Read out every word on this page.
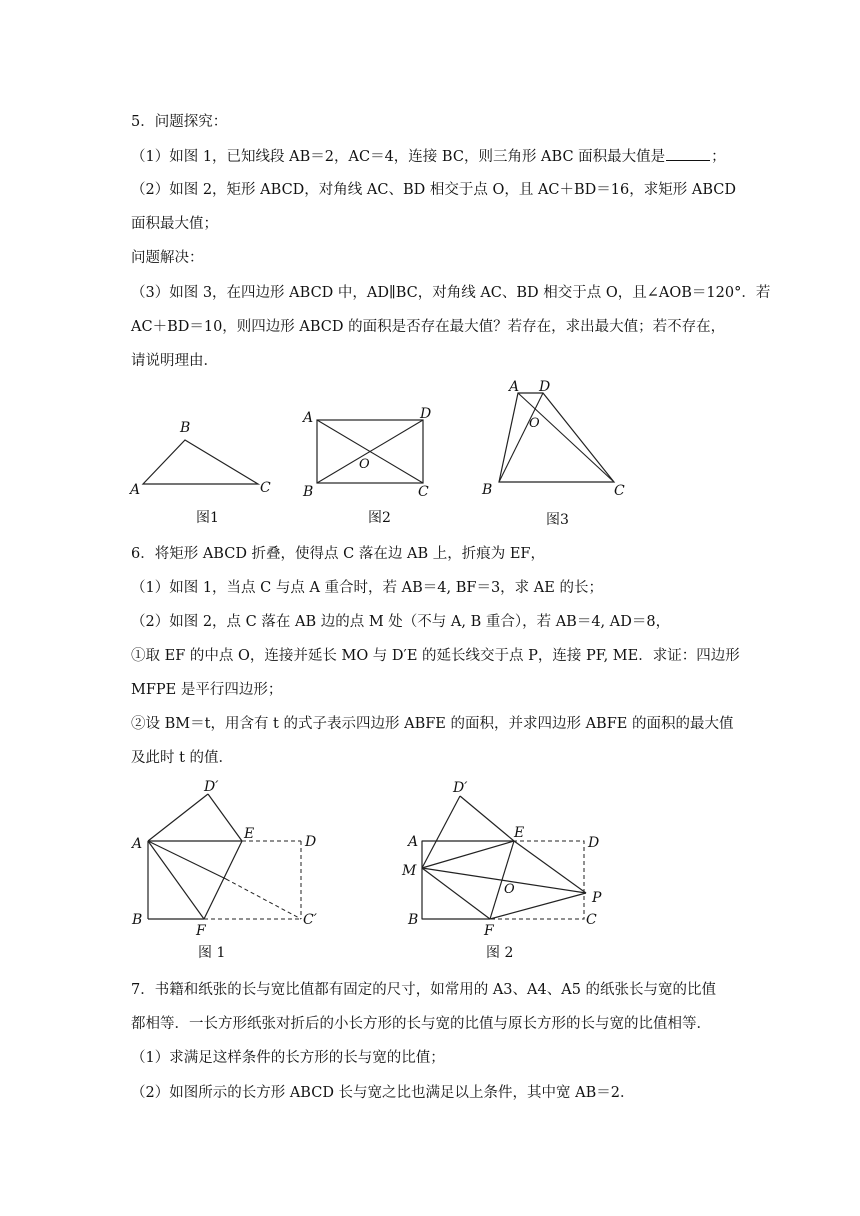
5．问题探究：
（1）如图 1，已知线段 AB＝2，AC＝4，连接 BC，则三角形 ABC 面积最大值是	；
（2）如图 2，矩形 ABCD，对角线 AC、BD 相交于点 O，且 AC＋BD＝16，求矩形 ABCD
面积最大值；
问题解决：
（3）如图 3，在四边形 ABCD 中，AD∥BC，对角线 AC、BD 相交于点 O，且∠AOB＝120°．若
AC＋BD＝10，则四边形 ABCD 的面积是否存在最大值？若存在，求出最大值；若不存在，
请说明理由．
A
B
C
图1
A
B	C
D
O
图2
A D
O
B	C
图3
6．将矩形 ABCD 折叠，使得点 C 落在边 AB 上，折痕为 EF，
（1）如图 1，当点 C 与点 A 重合时，若 AB＝4, BF＝3，求 AE 的长；
（2）如图 2，点 C 落在 AB 边的点 M 处（不与 A, B 重合），若 AB＝4, AD＝8，
①取 EF 的中点 O，连接并延长 MO 与 D′E 的延长线交于点 P，连接 PF, ME．求证：四边形
MFPE 是平行四边形；
②设 BM＝t，用含有 t 的式子表示四边形 ABFE 的面积，并求四边形 ABFE 的面积的最大值
及此时 t 的值．
D′
A
E	D
B
F
C′
图 1
D′
A
M
E
D
O
P
B
F
C
图 2
7．书籍和纸张的长与宽比值都有固定的尺寸，如常用的 A3、A4、A5 的纸张长与宽的比值
都相等．一长方形纸张对折后的小长方形的长与宽的比值与原长方形的长与宽的比值相等．
（1）求满足这样条件的长方形的长与宽的比值；
（2）如图所示的长方形 ABCD 长与宽之比也满足以上条件，其中宽 AB＝2．
